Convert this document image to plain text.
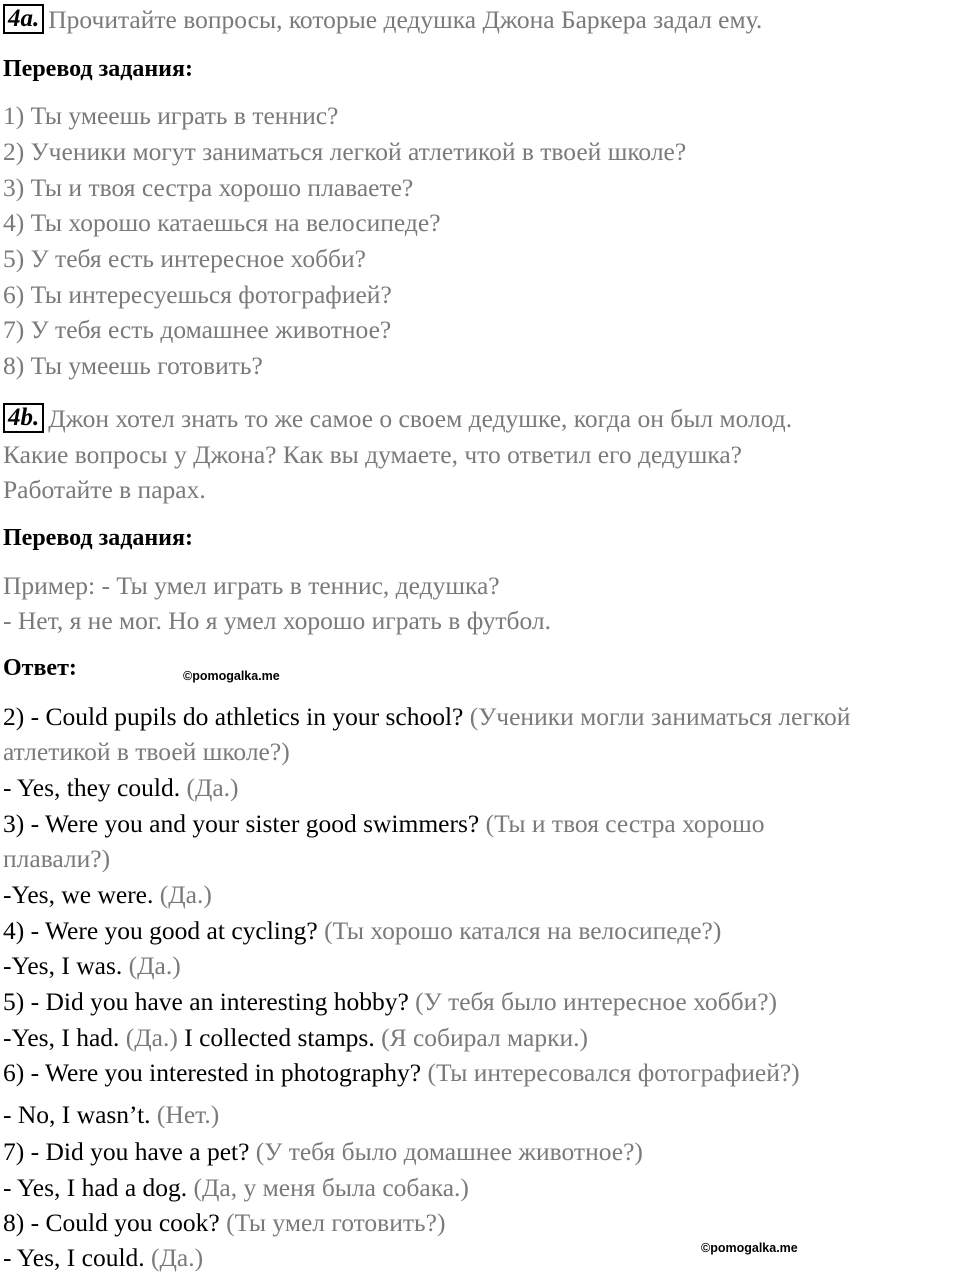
4a. Прочитайте вопросы, которые дедушка Джона Баркера задал ему.
Перевод задания:
1) Ты умеешь играть в теннис?
2) Ученики могут заниматься легкой атлетикой в твоей школе?
3) Ты и твоя сестра хорошо плаваете?
4) Ты хорошо катаешься на велосипеде?
5) У тебя есть интересное хобби?
6) Ты интересуешься фотографией?
7) У тебя есть домашнее животное?
8) Ты умеешь готовить?
4b. Джон хотел знать то же самое о своем дедушке, когда он был молод.
Какие вопросы у Джона? Как вы думаете, что ответил его дедушка?
Работайте в парах.
Перевод задания:
Пример: - Ты умел играть в теннис, дедушка?
- Нет, я не мог. Но я умел хорошо играть в футбол.
Ответ:	©pomogalka.me
2) - Could pupils do athletics in your school? (Ученики могли заниматься легкой
атлетикой в твоей школе?)
- Yes, they could. (Да.)
3) - Were you and your sister good swimmers? (Ты и твоя сестра хорошо
плавали?)
-Yes, we were. (Да.)
4) - Were you good at cycling? (Ты хорошо катался на велосипеде?)
-Yes, I was. (Да.)
5) - Did you have an interesting hobby? (У тебя было интересное хобби?)
-Yes, I had. (Да.) I collected stamps. (Я собирал марки.)
6) - Were you interested in photography? (Ты интересовался фотографией?)
- No, I wasn’t. (Нет.)
7) - Did you have a pet? (У тебя было домашнее животное?)
- Yes, I had a dog. (Да, у меня была собака.)
8) - Could you cook? (Ты умел готовить?)
- Yes, I could. (Да.)	©pomogalka.me
